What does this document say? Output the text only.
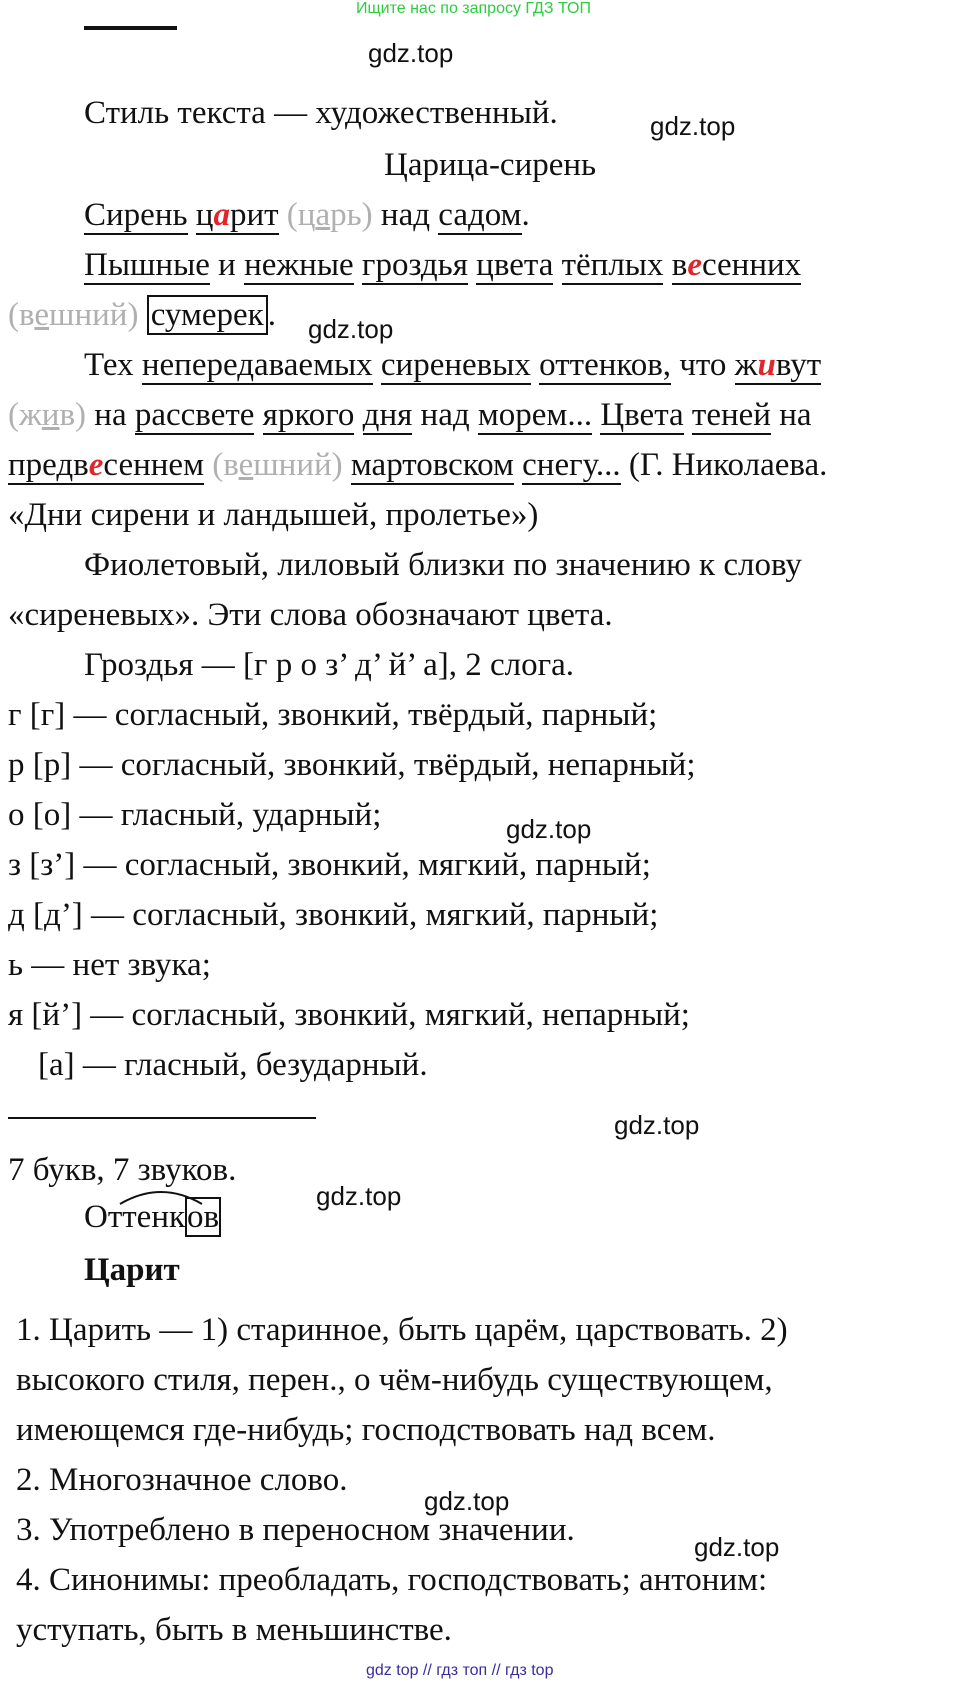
Ищите нас по запросу ГДЗ ТОП
gdz.top
gdz.top
gdz.top
gdz.top
gdz.top
gdz.top
gdz.top
gdz.top
Стиль текста — художественный.
Царица-сирень
Сирень царит (царь) над садом.
Пышные и нежные гроздья цвета тёплых весенних
(вешний) сумерек .
Тех непередаваемых сиреневых оттенков, что живут
(жив) на рассвете яркого дня над морем... Цвета теней на
предвесеннем (вешний) мартовском снегу... (Г. Николаева.
«Дни сирени и ландышей, пролетье»)
Фиолетовый, лиловый близки по значению к слову
«сиреневых». Эти слова обозначают цвета.
Гроздья — [г р о з’ д’ й’ а], 2 слога.
г [г] — согласный, звонкий, твёрдый, парный;
р [р] — согласный, звонкий, твёрдый, непарный;
о [о] — гласный, ударный;
з [з’] — согласный, звонкий, мягкий, парный;
д [д’] — согласный, звонкий, мягкий, парный;
ь — нет звука;
я [й’] — согласный, звонкий, мягкий, непарный;
[а] — гласный, безударный.
7 букв, 7 звуков.
Оттенков
Царит
1. Царить — 1) старинное, быть царём, царствовать. 2)
высокого стиля, перен., о чём-нибудь существующем,
имеющемся где-нибудь; господствовать над всем.
2. Многозначное слово.
3. Употреблено в переносном значении.
4. Синонимы: преобладать, господствовать; антоним:
уступать, быть в меньшинстве.
gdz top // гдз топ // гдз top
